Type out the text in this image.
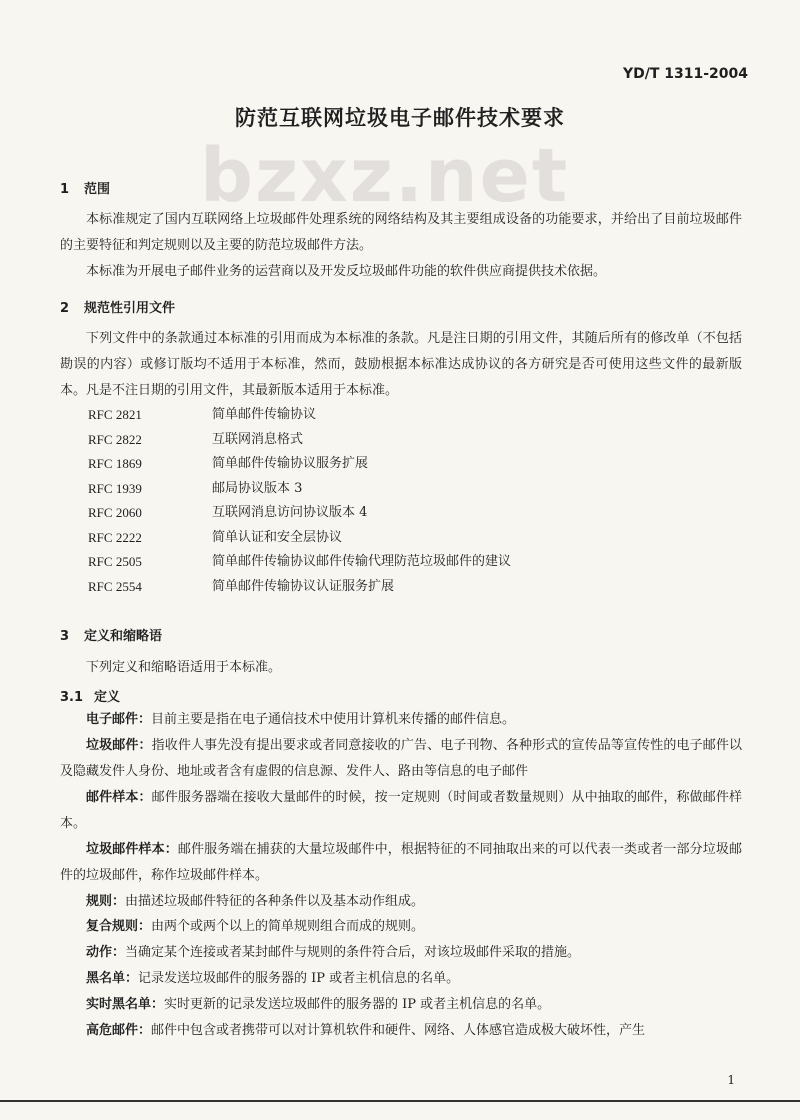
bzxz.net
YD/T 1311-2004
防范互联网垃圾电子邮件技术要求
1 范围
本标准规定了国内互联网络上垃圾邮件处理系统的网络结构及其主要组成设备的功能要求，并给出了目前垃圾邮件的主要特征和判定规则以及主要的防范垃圾邮件方法。
本标准为开展电子邮件业务的运营商以及开发反垃圾邮件功能的软件供应商提供技术依据。
2 规范性引用文件
下列文件中的条款通过本标准的引用而成为本标准的条款。凡是注日期的引用文件，其随后所有的修改单（不包括勘误的内容）或修订版均不适用于本标准，然而，鼓励根据本标准达成协议的各方研究是否可使用这些文件的最新版本。凡是不注日期的引用文件，其最新版本适用于本标准。
RFC 2821	简单邮件传输协议
RFC 2822	互联网消息格式
RFC 1869	简单邮件传输协议服务扩展
RFC 1939	邮局协议版本 3
RFC 2060	互联网消息访问协议版本 4
RFC 2222	简单认证和安全层协议
RFC 2505	简单邮件传输协议邮件传输代理防范垃圾邮件的建议
RFC 2554	简单邮件传输协议认证服务扩展
3 定义和缩略语
下列定义和缩略语适用于本标准。
3.1 定义
电子邮件：目前主要是指在电子通信技术中使用计算机来传播的邮件信息。
垃圾邮件：指收件人事先没有提出要求或者同意接收的广告、电子刊物、各种形式的宣传品等宣传性的电子邮件以及隐藏发件人身份、地址或者含有虚假的信息源、发件人、路由等信息的电子邮件
邮件样本：邮件服务器端在接收大量邮件的时候，按一定规则（时间或者数量规则）从中抽取的邮件，称做邮件样本。
垃圾邮件样本：邮件服务端在捕获的大量垃圾邮件中，根据特征的不同抽取出来的可以代表一类或者一部分垃圾邮件的垃圾邮件，称作垃圾邮件样本。
规则：由描述垃圾邮件特征的各种条件以及基本动作组成。
复合规则：由两个或两个以上的简单规则组合而成的规则。
动作：当确定某个连接或者某封邮件与规则的条件符合后，对该垃圾邮件采取的措施。
黑名单：记录发送垃圾邮件的服务器的 IP 或者主机信息的名单。
实时黑名单：实时更新的记录发送垃圾邮件的服务器的 IP 或者主机信息的名单。
高危邮件：邮件中包含或者携带可以对计算机软件和硬件、网络、人体感官造成极大破坏性，产生
1
